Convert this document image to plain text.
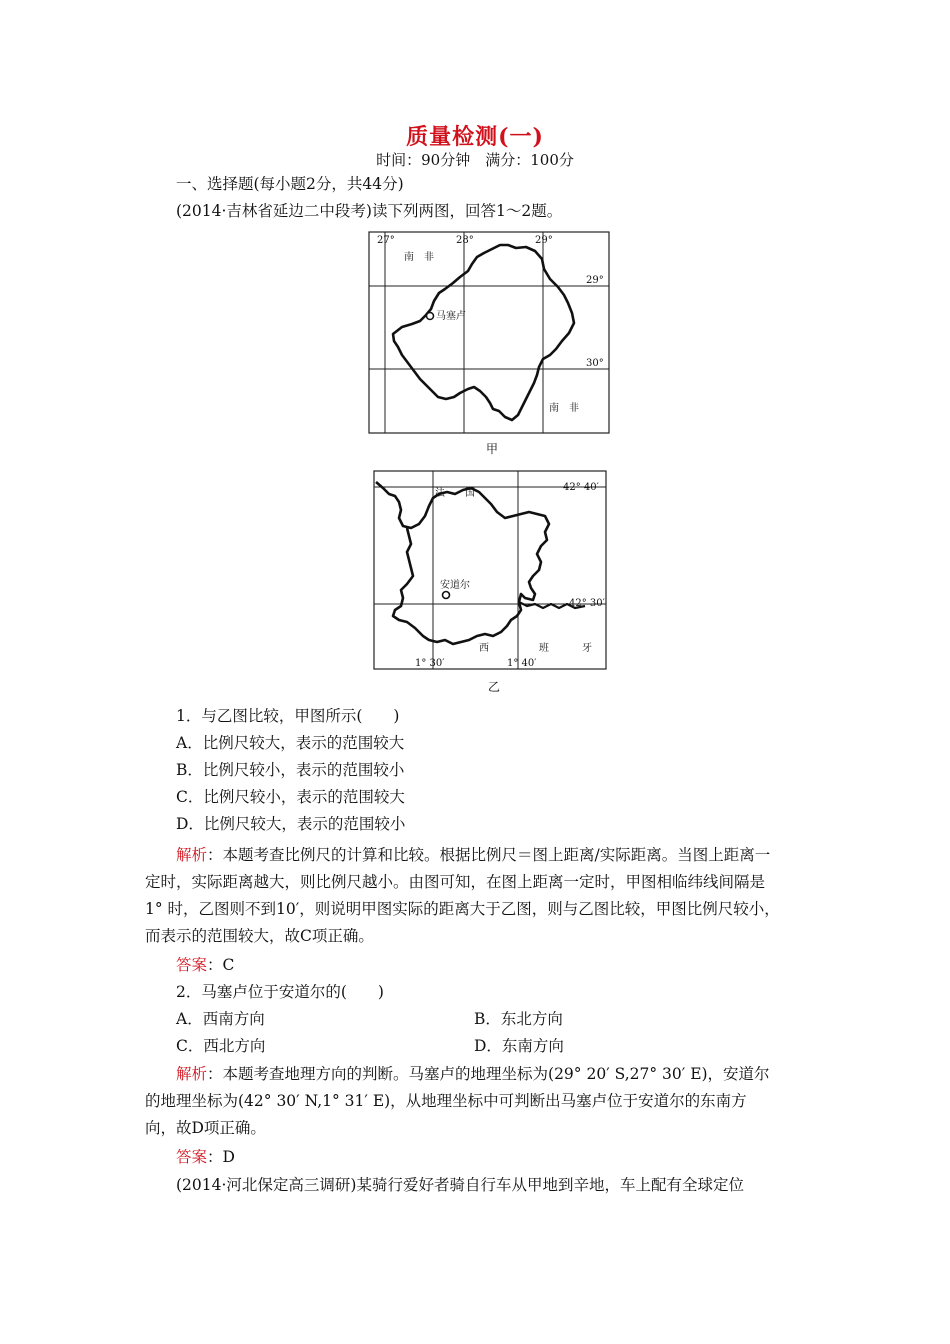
质量检测(一)
时间：90分钟　满分：100分
一、选择题(每小题2分，共44分)
(2014·吉林省延边二中段考)读下列两图，回答1～2题。
27°	28°	29°
29°
30°
南　非
南　非
马塞卢
甲
法　　国
42° 40′
42° 30′
安道尔
1° 30′	1° 40′
西	班	牙
乙
1．与乙图比较，甲图所示(　　)
A．比例尺较大，表示的范围较大
B．比例尺较小，表示的范围较小
C．比例尺较小，表示的范围较大
D．比例尺较大，表示的范围较小
解析：本题考查比例尺的计算和比较。根据比例尺＝图上距离/实际距离。当图上距离一
定时，实际距离越大，则比例尺越小。由图可知，在图上距离一定时，甲图相临纬线间隔是
1° 时，乙图则不到10′，则说明甲图实际的距离大于乙图，则与乙图比较，甲图比例尺较小，
而表示的范围较大，故C项正确。
答案：C
2．马塞卢位于安道尔的(　　)
A．西南方向	B．东北方向
C．西北方向	D．东南方向
解析：本题考查地理方向的判断。马塞卢的地理坐标为(29° 20′ S,27° 30′ E)，安道尔
的地理坐标为(42° 30′ N,1° 31′ E)，从地理坐标中可判断出马塞卢位于安道尔的东南方
向，故D项正确。
答案：D
(2014·河北保定高三调研)某骑行爱好者骑自行车从甲地到辛地，车上配有全球定位
